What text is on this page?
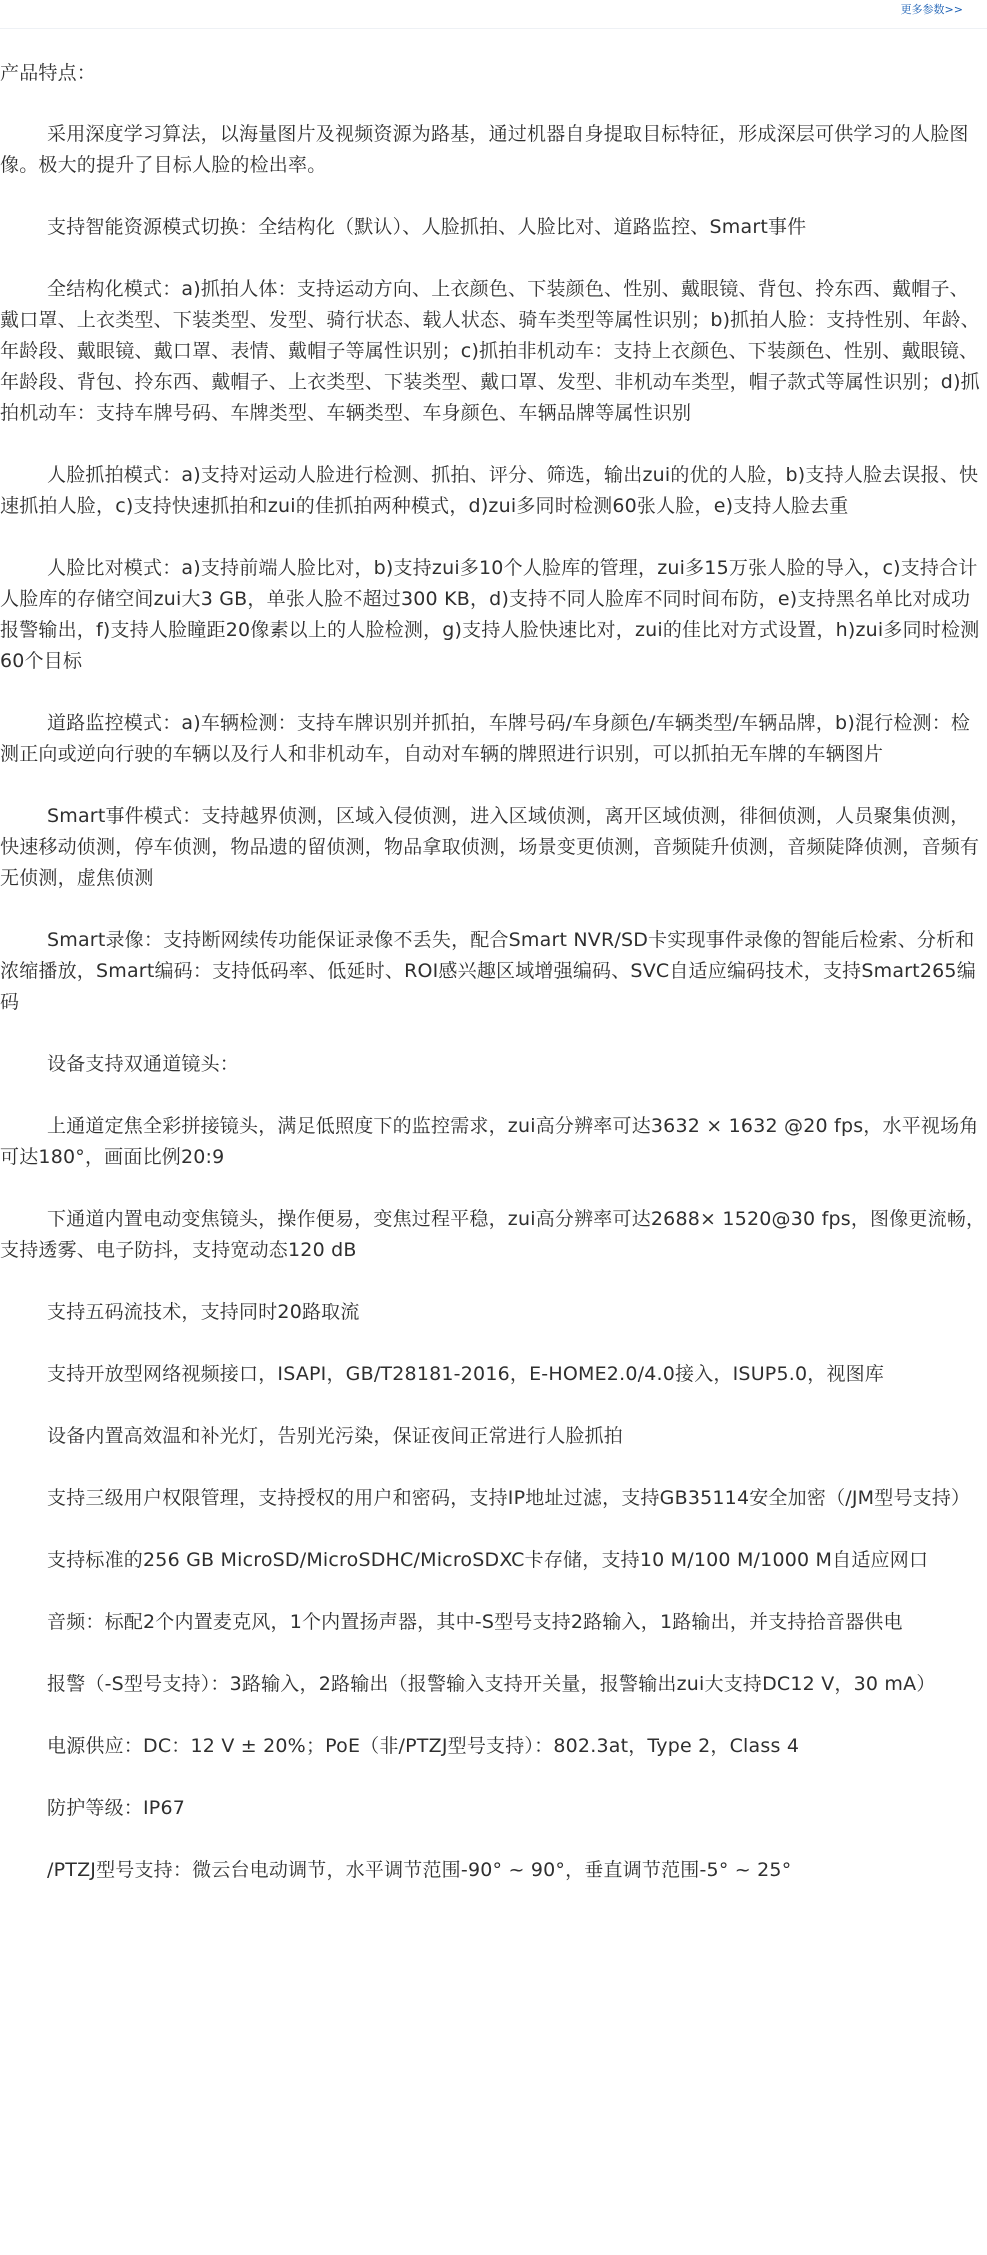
更多参数>>

产品特点：

采用深度学习算法，以海量图片及视频资源为路基，通过机器自身提取目标特征，形成深层可供学习的人脸图像。极大的提升了目标人脸的检出率。

支持智能资源模式切换：全结构化（默认）、人脸抓拍、人脸比对、道路监控、Smart事件

全结构化模式：a)抓拍人体：支持运动方向、上衣颜色、下装颜色、性别、戴眼镜、背包、拎东西、戴帽子、戴口罩、上衣类型、下装类型、发型、骑行状态、载人状态、骑车类型等属性识别；b)抓拍人脸：支持性别、年龄、年龄段、戴眼镜、戴口罩、表情、戴帽子等属性识别；c)抓拍非机动车：支持上衣颜色、下装颜色、性别、戴眼镜、年龄段、背包、拎东西、戴帽子、上衣类型、下装类型、戴口罩、发型、非机动车类型，帽子款式等属性识别；d)抓拍机动车：支持车牌号码、车牌类型、车辆类型、车身颜色、车辆品牌等属性识别

人脸抓拍模式：a)支持对运动人脸进行检测、抓拍、评分、筛选，输出zui的优的人脸，b)支持人脸去误报、快速抓拍人脸，c)支持快速抓拍和zui的佳抓拍两种模式，d)zui多同时检测60张人脸，e)支持人脸去重

人脸比对模式：a)支持前端人脸比对，b)支持zui多10个人脸库的管理，zui多15万张人脸的导入，c)支持合计人脸库的存储空间zui大3 GB，单张人脸不超过300 KB，d)支持不同人脸库不同时间布防，e)支持黑名单比对成功报警输出，f)支持人脸瞳距20像素以上的人脸检测，g)支持人脸快速比对，zui的佳比对方式设置，h)zui多同时检测60个目标

道路监控模式：a)车辆检测：支持车牌识别并抓拍，车牌号码/车身颜色/车辆类型/车辆品牌，b)混行检测：检测正向或逆向行驶的车辆以及行人和非机动车，自动对车辆的牌照进行识别，可以抓拍无车牌的车辆图片

Smart事件模式：支持越界侦测，区域入侵侦测，进入区域侦测，离开区域侦测，徘徊侦测，人员聚集侦测，快速移动侦测，停车侦测，物品遗的留侦测，物品拿取侦测，场景变更侦测，音频陡升侦测，音频陡降侦测，音频有无侦测，虚焦侦测

Smart录像：支持断网续传功能保证录像不丢失，配合Smart NVR/SD卡实现事件录像的智能后检索、分析和浓缩播放，Smart编码：支持低码率、低延时、ROI感兴趣区域增强编码、SVC自适应编码技术，支持Smart265编码

设备支持双通道镜头：

上通道定焦全彩拼接镜头，满足低照度下的监控需求，zui高分辨率可达3632 × 1632 @20 fps，水平视场角可达180°，画面比例20:9

下通道内置电动变焦镜头，操作便易，变焦过程平稳，zui高分辨率可达2688× 1520@30 fps，图像更流畅，支持透雾、电子防抖，支持宽动态120 dB

支持五码流技术，支持同时20路取流

支持开放型网络视频接口，ISAPI，GB/T28181-2016，E-HOME2.0/4.0接入，ISUP5.0，视图库

设备内置高效温和补光灯，告别光污染，保证夜间正常进行人脸抓拍

支持三级用户权限管理，支持授权的用户和密码，支持IP地址过滤，支持GB35114安全加密（/JM型号支持）

支持标准的256 GB MicroSD/MicroSDHC/MicroSDXC卡存储，支持10 M/100 M/1000 M自适应网口

音频：标配2个内置麦克风，1个内置扬声器，其中-S型号支持2路输入，1路输出，并支持拾音器供电

报警（-S型号支持）：3路输入，2路输出（报警输入支持开关量，报警输出zui大支持DC12 V，30 mA）

电源供应：DC：12 V ± 20%；PoE（非/PTZJ型号支持）：802.3at，Type 2，Class 4

防护等级：IP67

/PTZJ型号支持：微云台电动调节，水平调节范围-90° ~ 90°，垂直调节范围-5° ~ 25°
